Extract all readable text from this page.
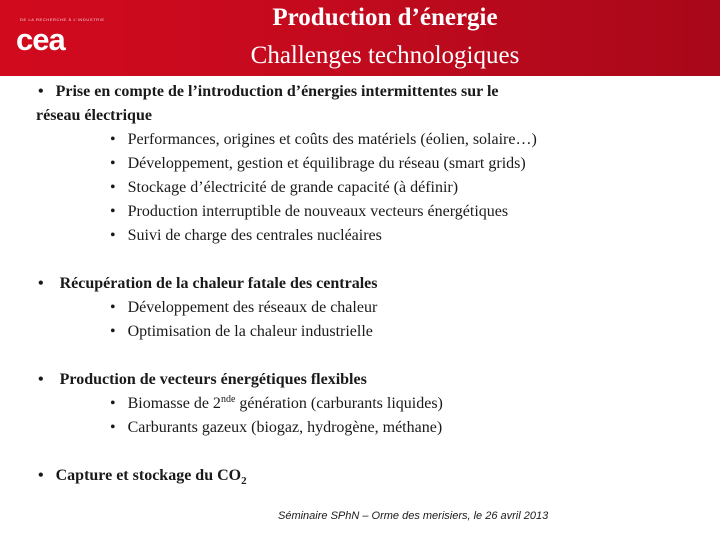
DE LA RECHERCHE À L'INDUSTRIE
cea
Production d’énergie
Challenges technologiques
• Prise en compte de l’introduction d’énergies intermittentes sur le
réseau électrique
• Performances, origines et coûts des matériels (éolien, solaire…)
• Développement, gestion et équilibrage du réseau (smart grids)
• Stockage d’électricité de grande capacité (à définir)
• Production interruptible de nouveaux vecteurs énergétiques
• Suivi de charge des centrales nucléaires
• Récupération de la chaleur fatale des centrales
• Développement des réseaux de chaleur
• Optimisation de la chaleur industrielle
• Production de vecteurs énergétiques flexibles
• Biomasse de 2nde génération (carburants liquides)
• Carburants gazeux (biogaz, hydrogène, méthane)
• Capture et stockage du $CO_2$
Séminaire SPhN – Orme des merisiers, le 26 avril 2013
